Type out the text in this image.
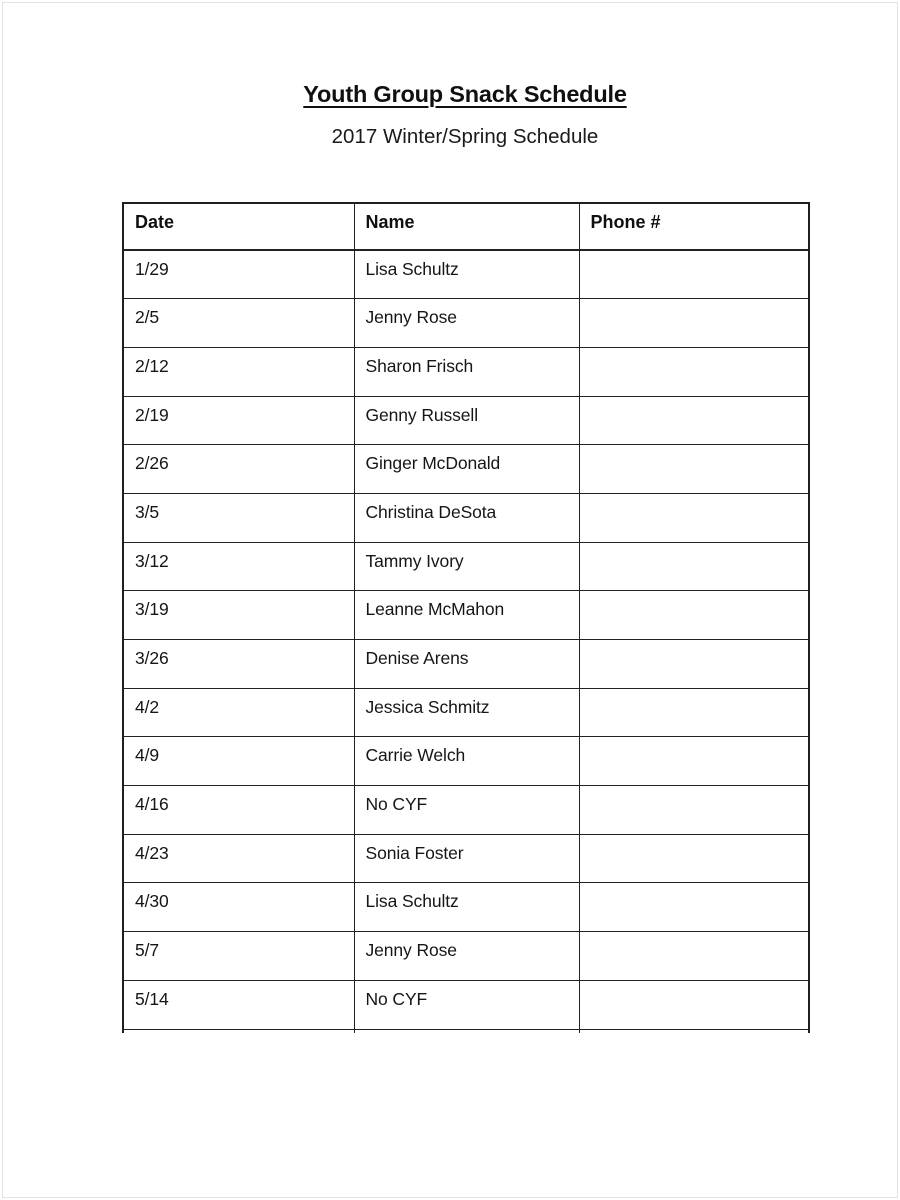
Youth Group Snack Schedule
2017 Winter/Spring Schedule
Date	Name	Phone #
1/29	Lisa Schultz	
2/5	Jenny Rose	
2/12	Sharon Frisch	
2/19	Genny Russell	
2/26	Ginger McDonald	
3/5	Christina DeSota	
3/12	Tammy Ivory	
3/19	Leanne McMahon	
3/26	Denise Arens	
4/2	Jessica Schmitz	
4/9	Carrie Welch	
4/16	No CYF	
4/23	Sonia Foster	
4/30	Lisa Schultz	
5/7	Jenny Rose	
5/14	No CYF	
